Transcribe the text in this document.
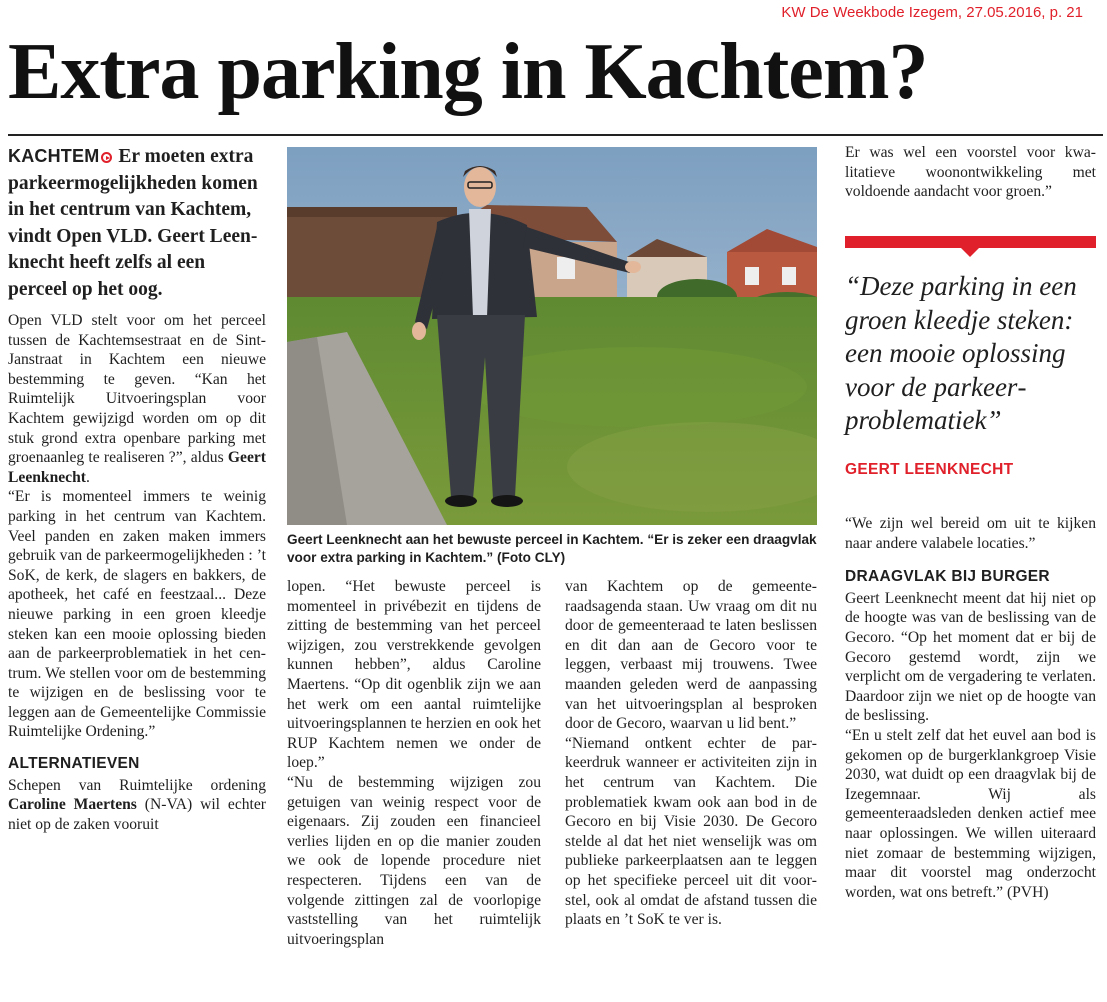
KW De Weekbode Izegem, 27.05.2016, p. 21
Extra parking in Kachtem?
KACHTEM Er moeten extra parkeermogelijkheden komen in het centrum van Kachtem, vindt Open VLD. Geert Leenknecht heeft zelfs al een perceel op het oog.

Open VLD stelt voor om het perceel tussen de Kachtemsestraat en de Sint-Janstraat in Kachtem een nieuwe bestemming te geven. “Kan het Ruimtelijk Uitvoeringsplan voor Kachtem gewijzigd worden om op dit stuk grond extra openbare parking met groenaanleg te realiseren ?”, aldus Geert Leenknecht.

“Er is momenteel immers te weinig parking in het centrum van Kachtem. Veel panden en zaken maken immers gebruik van de parkeermogelijkheden : ’t SoK, de kerk, de slagers en bakkers, de apotheek, het café en feestzaal... Deze nieuwe parking in een groen kleedje steken kan een mooie oplossing bieden aan de parkeerproblematiek in het centrum. We stellen voor om de bestemming te wijzigen en de beslissing voor te leggen aan de Gemeentelijke Commissie Ruimtelijke Ordening.”

ALTERNATIEVEN

Schepen van Ruimtelijke ordening Caroline Maertens (N-VA) wil echter niet op de zaken vooruit

Geert Leenknecht aan het bewuste perceel in Kachtem. “Er is zeker een draagvlak voor extra parking in Kachtem.” (Foto CLY)

lopen. “Het bewuste perceel is momenteel in privébezit en tijdens de zitting de bestemming van het perceel wijzigen, zou verstrekkende gevolgen kunnen hebben”, aldus Caroline Maertens. “Op dit ogenblik zijn we aan het werk om een aantal ruimtelijke uitvoeringsplannen te herzien en ook het RUP Kachtem nemen we onder de loep.”

“Nu de bestemming wijzigen zou getuigen van weinig respect voor de eigenaars. Zij zouden een financieel verlies lijden en op die manier zouden we ook de lopende procedure niet respecteren. Tijdens een van de volgende zittingen zal de voorlopige vaststelling van het ruimtelijk uitvoeringsplan

van Kachtem op de gemeenteraadsagenda staan. Uw vraag om dit nu door de gemeenteraad te laten beslissen en dit dan aan de Gecoro voor te leggen, verbaast mij trouwens. Twee maanden geleden werd de aanpassing van het uitvoeringsplan al besproken door de Gecoro, waarvan u lid bent.”

“Niemand ontkent echter de parkeerdruk wanneer er activiteiten zijn in het centrum van Kachtem. Die problematiek kwam ook aan bod in de Gecoro en bij Visie 2030. De Gecoro stelde al dat het niet wenselijk was om publieke parkeerplaatsen aan te leggen op het specifieke perceel uit dit voorstel, ook al omdat de afstand tussen die plaats en ’t SoK te ver is.

Er was wel een voorstel voor kwalitatieve woonontwikkeling met voldoende aandacht voor groen.”

“Deze parking in een groen kleedje steken: een mooie oplossing voor de parkeerproblematiek”
GEERT LEENKNECHT

“We zijn wel bereid om uit te kijken naar andere valabele locaties.”

DRAAGVLAK BIJ BURGER

Geert Leenknecht meent dat hij niet op de hoogte was van de beslissing van de Gecoro. “Op het moment dat er bij de Gecoro gestemd wordt, zijn we verplicht om de vergadering te verlaten. Daardoor zijn we niet op de hoogte van de beslissing.

“En u stelt zelf dat het euvel aan bod is gekomen op de burgerklankgroep Visie 2030, wat duidt op een draagvlak bij de Izegemnaar. Wij als gemeenteraadsleden denken actief mee naar oplossingen. We willen uiteraard niet zomaar de bestemming wijzigen, maar dit voorstel mag onderzocht worden, wat ons betreft.” (PVH)
